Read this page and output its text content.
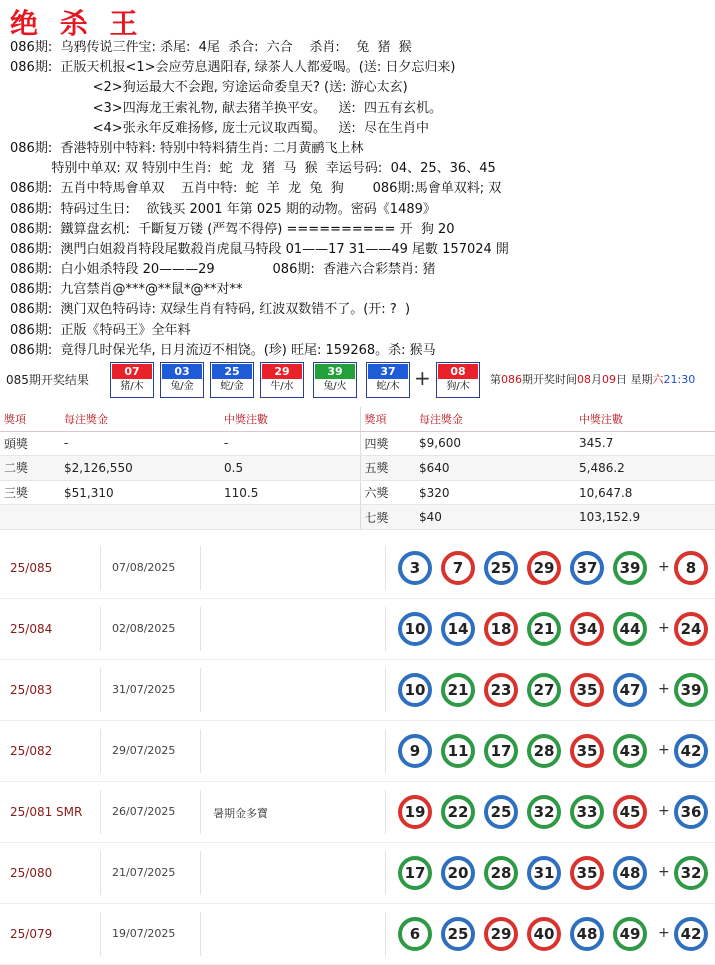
绝 杀 王
086期:  乌鸦传说三件宝: 杀尾:  4尾  杀合:  六合    杀肖:    兔  猪  猴
086期:  正版天机报<1>会应劳息遇阳春, 绿茶人人都爱喝。(送: 日夕忘归来)
<2>狗运最大不会跑, 穷途运命委皇天? (送: 游心太玄)
<3>四海龙王索礼物, 献去猪羊换平安。   送:  四五有玄机。
<4>张永年反难扬修, 庞士元议取西蜀。   送:  尽在生肖中
086期:  香港特别中特料: 特别中特料猜生肖: 二月黄鹂飞上林
特别中单双: 双 特别中生肖:  蛇  龙  猪  马  猴  幸运号码:  04、25、36、45
086期:  五肖中特馬會单双    五肖中特:  蛇  羊  龙  兔  狗       086期:馬會单双料; 双
086期:  特码过生日:    欲钱买 2001 年第 025 期的动物。密码《1489》
086期:  鐵算盘玄机:  千斷复万镂 (严驾不得停) ========== 开  狗 20
086期:  澳門白姐殺肖特段尾數殺肖虎鼠马特段 01——17 31——49 尾數 157024 開
086期:  白小姐杀特段 20———29              086期:  香港六合彩禁肖: 猪
086期:  九宫禁肖@***@**鼠*@**对**
086期:  澳门双色特码诗: 双绿生肖有特码, 红波双数错不了。(开: ?  )
086期:  正版《特码王》全年料
086期:  竟得几时保光华, 日月流迈不相饶。(珍) 旺尾: 159268。杀: 猴马
085期开奖结果
07
猪/木
03
兔/金
25
蛇/金
29
牛/水
39
兔/火
37
蛇/木 +	08
狗/木
第086期开奖时间08月09日 星期六21:30
獎項	每注獎金	中獎注數	獎項	每注獎金	中獎注數
頭獎	-	-	四獎	$9,600	345.7
二獎	$2,126,550	0.5	五獎	$640	5,486.2
三獎	$51,310	110.5	六獎	$320	10,647.8
			七獎	$40	103,152.9
25/085	07/08/2025	3	7	25	29	37	39	+	8
25/084	02/08/2025	10	14	18	21	34	44	+ 24
25/083	31/07/2025	10	21	23	27	35	47	+ 39
25/082	29/07/2025	9	11	17	28	35	43	+ 42
25/081 SMR	26/07/2025	暑期金多寶	19	22	25	32	33	45	+ 36
25/080	21/07/2025	17	20	28	31	35	48	+ 32
25/079	19/07/2025	6	25	29	40	48	49	+ 42
